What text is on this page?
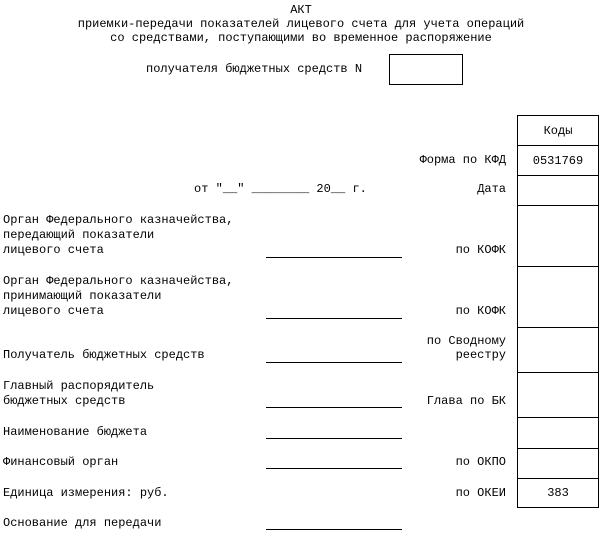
АКТ
приемки-передачи показателей лицевого счета для учета операций
со средствами, поступающими во временное распоряжение
получателя бюджетных средств N
от "__" ________ 20__ г.
Орган Федерального казначейства,
передающий показатели
лицевого счета
Орган Федерального казначейства,
принимающий показатели
лицевого счета
Получатель бюджетных средств
Главный распорядитель
бюджетных средств
Наименование бюджета
Финансовый орган
Единица измерения: руб.
Основание для передачи
Форма по КФД
Дата
по КОФК
по КОФК
по Сводному
реестру
Глава по БК
по ОКПО
по ОКЕИ
Коды
0531769
383
